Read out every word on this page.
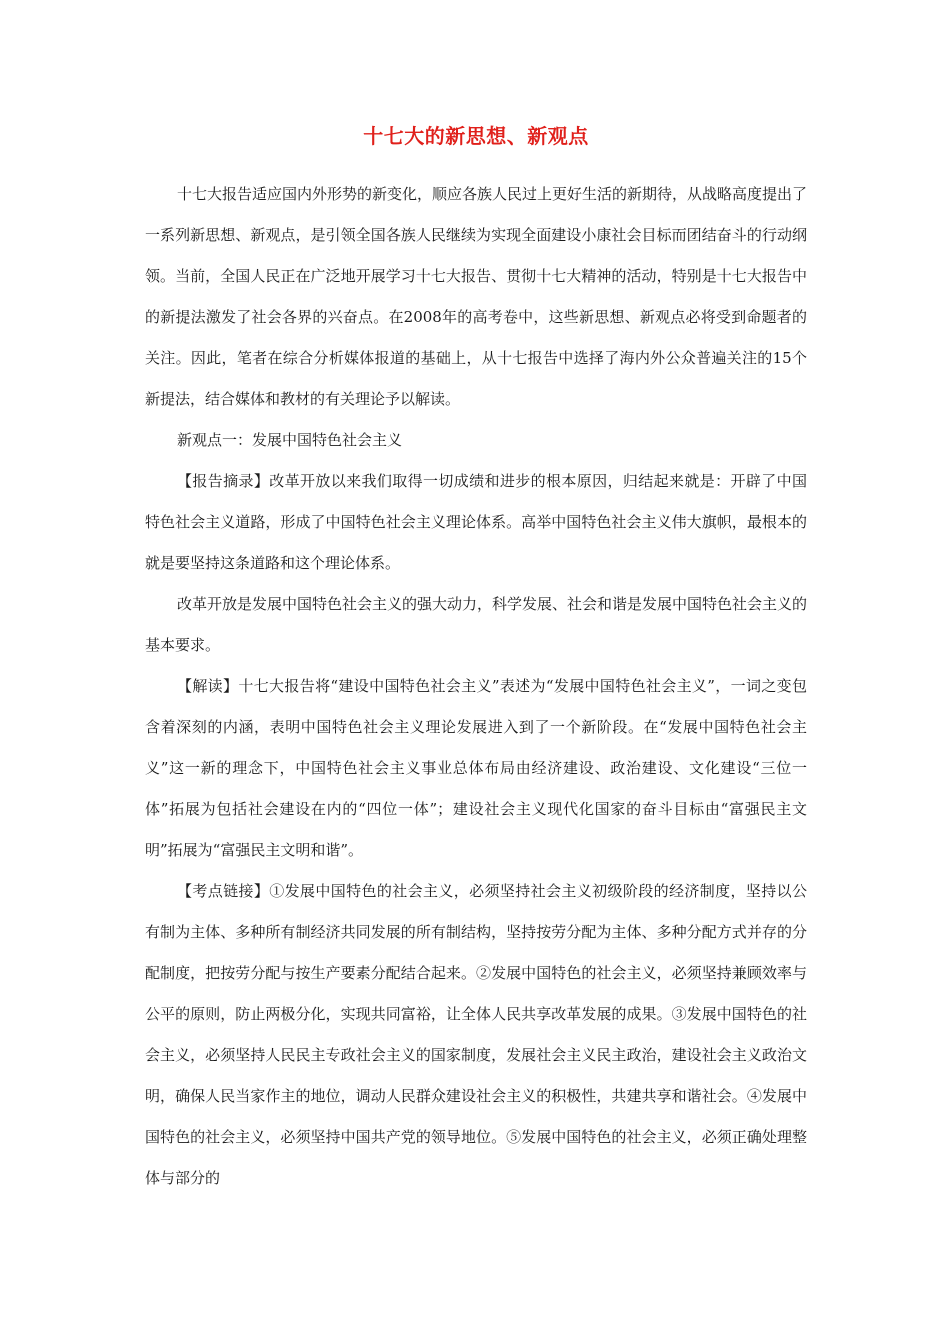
十七大的新思想、新观点

十七大报告适应国内外形势的新变化，顺应各族人民过上更好生活的新期待，从战略高度提出了一系列新思想、新观点，是引领全国各族人民继续为实现全面建设小康社会目标而团结奋斗的行动纲领。当前，全国人民正在广泛地开展学习十七大报告、贯彻十七大精神的活动，特别是十七大报告中的新提法激发了社会各界的兴奋点。在2008年的高考卷中，这些新思想、新观点必将受到命题者的关注。因此，笔者在综合分析媒体报道的基础上，从十七报告中选择了海内外公众普遍关注的15个新提法，结合媒体和教材的有关理论予以解读。

新观点一：发展中国特色社会主义

【报告摘录】改革开放以来我们取得一切成绩和进步的根本原因，归结起来就是：开辟了中国特色社会主义道路，形成了中国特色社会主义理论体系。高举中国特色社会主义伟大旗帜，最根本的就是要坚持这条道路和这个理论体系。

改革开放是发展中国特色社会主义的强大动力，科学发展、社会和谐是发展中国特色社会主义的基本要求。

【解读】十七大报告将“建设中国特色社会主义”表述为“发展中国特色社会主义”，一词之变包含着深刻的内涵，表明中国特色社会主义理论发展进入到了一个新阶段。在“发展中国特色社会主义”这一新的理念下，中国特色社会主义事业总体布局由经济建设、政治建设、文化建设“三位一体”拓展为包括社会建设在内的“四位一体”；建设社会主义现代化国家的奋斗目标由“富强民主文明”拓展为“富强民主文明和谐”。

【考点链接】①发展中国特色的社会主义，必须坚持社会主义初级阶段的经济制度，坚持以公有制为主体、多种所有制经济共同发展的所有制结构，坚持按劳分配为主体、多种分配方式并存的分配制度，把按劳分配与按生产要素分配结合起来。②发展中国特色的社会主义，必须坚持兼顾效率与公平的原则，防止两极分化，实现共同富裕，让全体人民共享改革发展的成果。③发展中国特色的社会主义，必须坚持人民民主专政社会主义的国家制度，发展社会主义民主政治，建设社会主义政治文明，确保人民当家作主的地位，调动人民群众建设社会主义的积极性，共建共享和谐社会。④发展中国特色的社会主义，必须坚持中国共产党的领导地位。⑤发展中国特色的社会主义，必须正确处理整体与部分的
